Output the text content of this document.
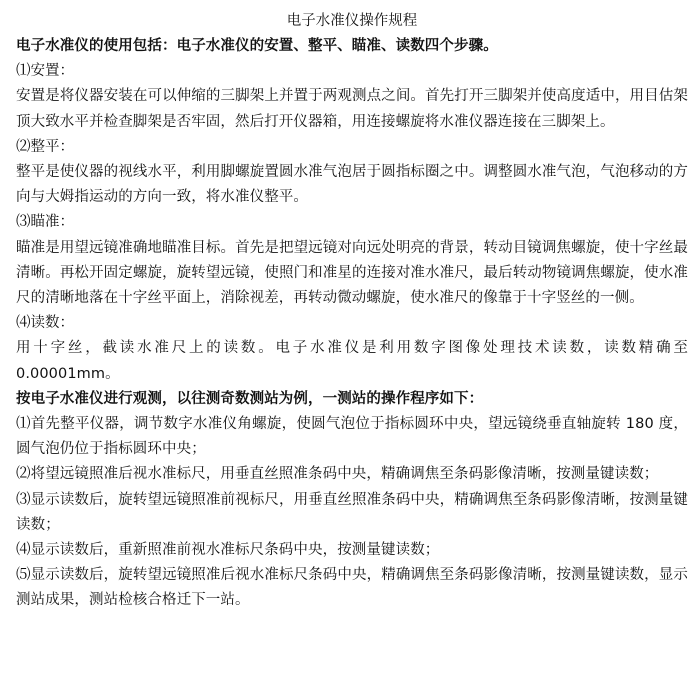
电子水准仪操作规程

电子水准仪的使用包括：电子水准仪的安置、整平、瞄准、读数四个步骤。

⑴安置：

安置是将仪器安装在可以伸缩的三脚架上并置于两观测点之间。首先打开三脚架并使高度适中，用目估架顶大致水平并检查脚架是否牢固，然后打开仪器箱，用连接螺旋将水准仪器连接在三脚架上。

⑵整平：

整平是使仪器的视线水平，利用脚螺旋置圆水准气泡居于圆指标圈之中。调整圆水准气泡，气泡移动的方向与大姆指运动的方向一致，将水准仪整平。

⑶瞄准：

瞄准是用望远镜准确地瞄准目标。首先是把望远镜对向远处明亮的背景，转动目镜调焦螺旋，使十字丝最清晰。再松开固定螺旋，旋转望远镜，使照门和准星的连接对准水准尺，最后转动物镜调焦螺旋，使水准尺的清晰地落在十字丝平面上，消除视差，再转动微动螺旋，使水准尺的像靠于十字竖丝的一侧。

⑷读数：

用十字丝，截读水准尺上的读数。电子水准仪是利用数字图像处理技术读数，读数精确至0.00001mm。

按电子水准仪进行观测，以往测奇数测站为例，一测站的操作程序如下：

⑴首先整平仪器，调节数字水准仪角螺旋，使圆气泡位于指标圆环中央，望远镜绕垂直轴旋转 180 度，圆气泡仍位于指标圆环中央；

⑵将望远镜照准后视水准标尺，用垂直丝照准条码中央，精确调焦至条码影像清晰，按测量键读数；

⑶显示读数后，旋转望远镜照准前视标尺，用垂直丝照准条码中央，精确调焦至条码影像清晰，按测量键读数；

⑷显示读数后，重新照准前视水准标尺条码中央，按测量键读数；

⑸显示读数后，旋转望远镜照准后视水准标尺条码中央，精确调焦至条码影像清晰，按测量键读数，显示测站成果，测站检核合格迁下一站。
